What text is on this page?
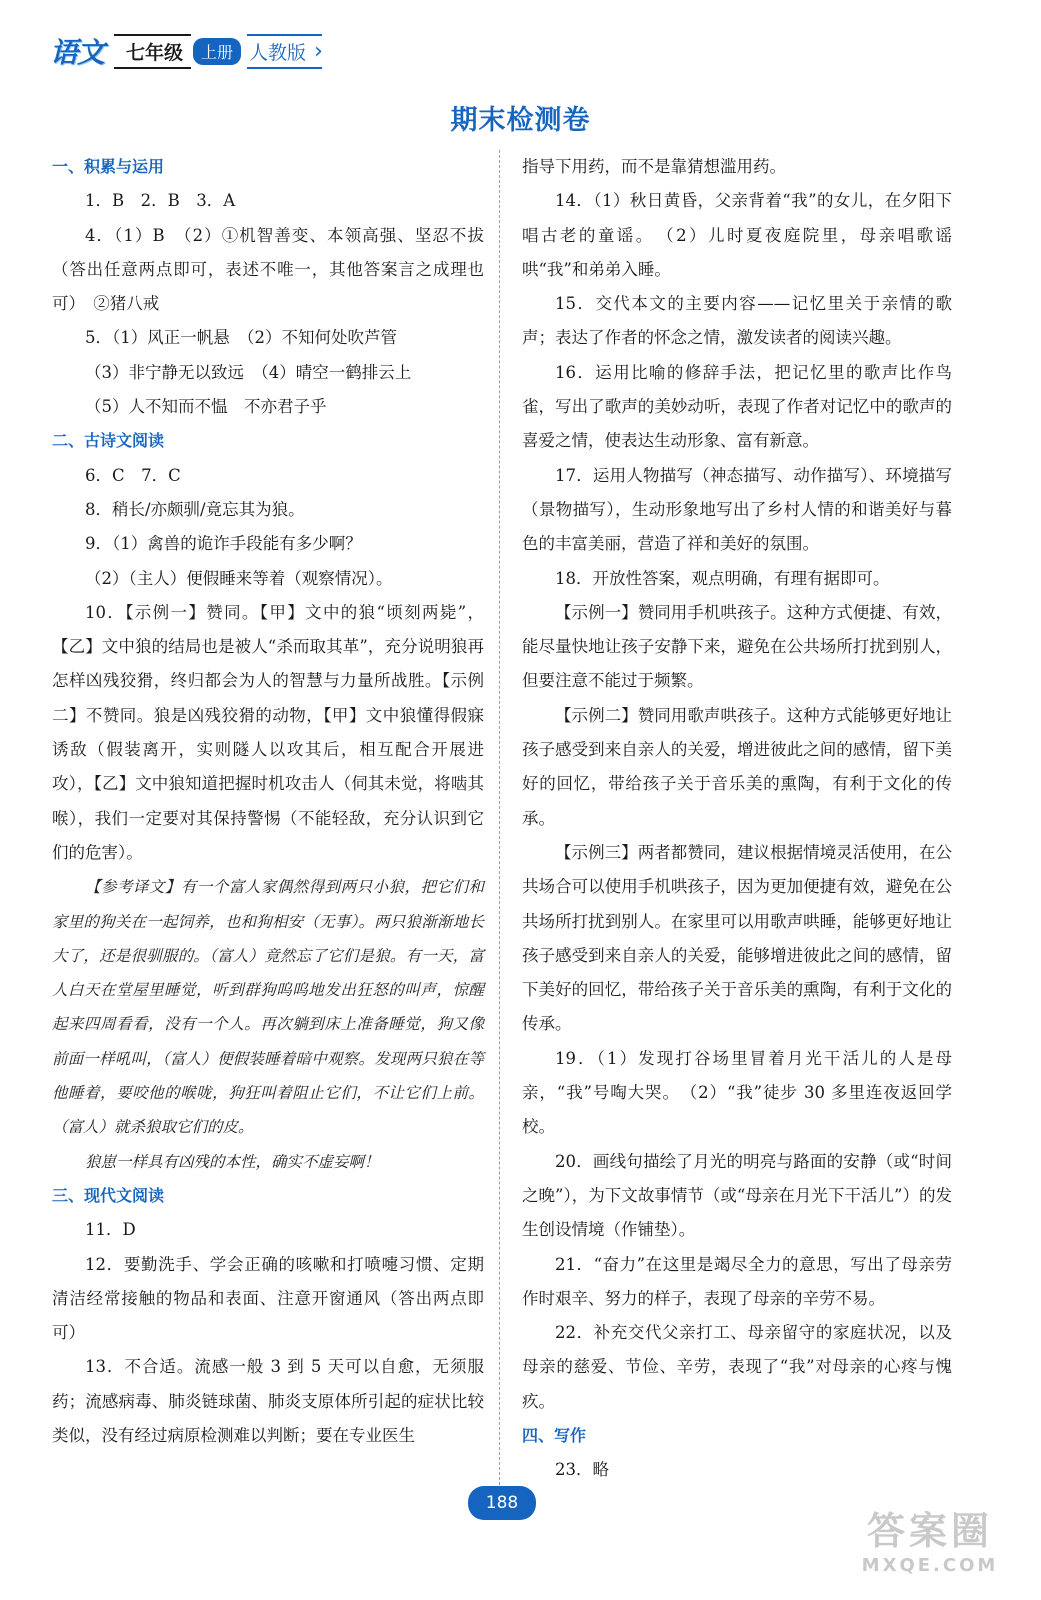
语文	七年级	上册 人教版 ›
期末检测卷

一、积累与运用

1．B　2．B　3．A

4．（1）B　（2）①机智善变、本领高强、坚忍不拔（答出任意两点即可，表述不唯一，其他答案言之成理也可）　②猪八戒

5．（1）风正一帆悬　（2）不知何处吹芦管

（3）非宁静无以致远　（4）晴空一鹤排云上

（5）人不知而不愠　不亦君子乎

二、古诗文阅读

6．C　7．C

8．稍长/亦颇驯/竟忘其为狼。

9．（1）禽兽的诡诈手段能有多少啊？

（2）（主人）便假睡来等着（观察情况）。

10．【示例一】赞同。【甲】文中的狼“顷刻两毙”，【乙】文中狼的结局也是被人“杀而取其革”，充分说明狼再怎样凶残狡猾，终归都会为人的智慧与力量所战胜。【示例二】不赞同。狼是凶残狡猾的动物，【甲】文中狼懂得假寐诱敌（假装离开，实则隧人以攻其后，相互配合开展进攻），【乙】文中狼知道把握时机攻击人（伺其未觉，将啮其喉），我们一定要对其保持警惕（不能轻敌，充分认识到它们的危害）。

【参考译文】有一个富人家偶然得到两只小狼，把它们和家里的狗关在一起饲养，也和狗相安（无事）。两只狼渐渐地长大了，还是很驯服的。（富人）竟然忘了它们是狼。有一天，富人白天在堂屋里睡觉，听到群狗呜呜地发出狂怒的叫声，惊醒起来四周看看，没有一个人。再次躺到床上准备睡觉，狗又像前面一样吼叫，（富人）便假装睡着暗中观察。发现两只狼在等他睡着，要咬他的喉咙，狗狂叫着阻止它们，不让它们上前。（富人）就杀狼取它们的皮。

狼崽一样具有凶残的本性，确实不虚妄啊！

三、现代文阅读

11．D

12．要勤洗手、学会正确的咳嗽和打喷嚏习惯、定期清洁经常接触的物品和表面、注意开窗通风（答出两点即可）

13．不合适。流感一般 3 到 5 天可以自愈，无须服药；流感病毒、肺炎链球菌、肺炎支原体所引起的症状比较类似，没有经过病原检测难以判断；要在专业医生

指导下用药，而不是靠猜想滥用药。

14．（1）秋日黄昏，父亲背着“我”的女儿，在夕阳下唱古老的童谣。　（2）儿时夏夜庭院里，母亲唱歌谣哄“我”和弟弟入睡。

15．交代本文的主要内容——记忆里关于亲情的歌声；表达了作者的怀念之情，激发读者的阅读兴趣。

16．运用比喻的修辞手法，把记忆里的歌声比作鸟雀，写出了歌声的美妙动听，表现了作者对记忆中的歌声的喜爱之情，使表达生动形象、富有新意。

17．运用人物描写（神态描写、动作描写）、环境描写（景物描写），生动形象地写出了乡村人情的和谐美好与暮色的丰富美丽，营造了祥和美好的氛围。

18．开放性答案，观点明确，有理有据即可。

【示例一】赞同用手机哄孩子。这种方式便捷、有效，能尽量快地让孩子安静下来，避免在公共场所打扰到别人，但要注意不能过于频繁。

【示例二】赞同用歌声哄孩子。这种方式能够更好地让孩子感受到来自亲人的关爱，增进彼此之间的感情，留下美好的回忆，带给孩子关于音乐美的熏陶，有利于文化的传承。

【示例三】两者都赞同，建议根据情境灵活使用，在公共场合可以使用手机哄孩子，因为更加便捷有效，避免在公共场所打扰到别人。在家里可以用歌声哄睡，能够更好地让孩子感受到来自亲人的关爱，能够增进彼此之间的感情，留下美好的回忆，带给孩子关于音乐美的熏陶，有利于文化的传承。

19．（1）发现打谷场里冒着月光干活儿的人是母亲，“我”号啕大哭。　（2）“我”徒步 30 多里连夜返回学校。

20．画线句描绘了月光的明亮与路面的安静（或“时间之晚”），为下文故事情节（或“母亲在月光下干活儿”）的发生创设情境（作铺垫）。

21．“奋力”在这里是竭尽全力的意思，写出了母亲劳作时艰辛、努力的样子，表现了母亲的辛劳不易。

22．补充交代父亲打工、母亲留守的家庭状况，以及母亲的慈爱、节俭、辛劳，表现了“我”对母亲的心疼与愧疚。

四、写作

23．略

188
答案圈
MXQE.COM
